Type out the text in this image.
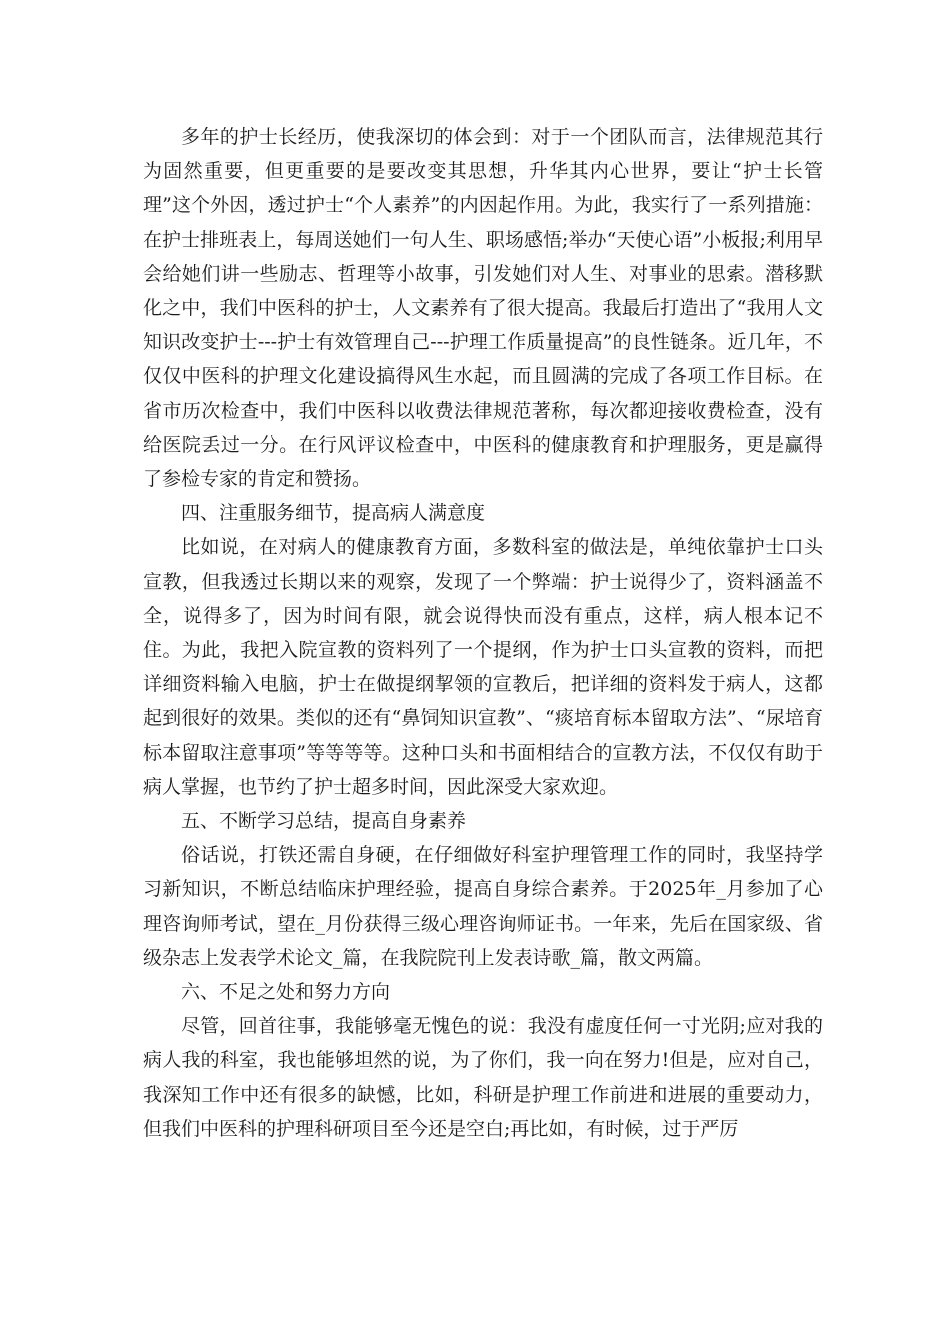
多年的护士长经历，使我深切的体会到：对于一个团队而言，法律规范其行为固然重要，但更重要的是要改变其思想，升华其内心世界，要让“护士长管理”这个外因，透过护士“个人素养”的内因起作用。为此，我实行了一系列措施：在护士排班表上，每周送她们一句人生、职场感悟;举办“天使心语”小板报;利用早会给她们讲一些励志、哲理等小故事，引发她们对人生、对事业的思索。潜移默化之中，我们中医科的护士，人文素养有了很大提高。我最后打造出了“我用人文知识改变护士---护士有效管理自己---护理工作质量提高”的良性链条。近几年，不仅仅中医科的护理文化建设搞得风生水起，而且圆满的完成了各项工作目标。在省市历次检查中，我们中医科以收费法律规范著称，每次都迎接收费检查，没有给医院丢过一分。在行风评议检查中，中医科的健康教育和护理服务，更是赢得了参检专家的肯定和赞扬。

四、注重服务细节，提高病人满意度

比如说，在对病人的健康教育方面，多数科室的做法是，单纯依靠护士口头宣教，但我透过长期以来的观察，发现了一个弊端：护士说得少了，资料涵盖不全，说得多了，因为时间有限，就会说得快而没有重点，这样，病人根本记不住。为此，我把入院宣教的资料列了一个提纲，作为护士口头宣教的资料，而把详细资料输入电脑，护士在做提纲挈领的宣教后，把详细的资料发于病人，这都起到很好的效果。类似的还有“鼻饲知识宣教”、“痰培育标本留取方法”、“尿培育标本留取注意事项”等等等等。这种口头和书面相结合的宣教方法，不仅仅有助于病人掌握，也节约了护士超多时间，因此深受大家欢迎。

五、不断学习总结，提高自身素养

俗话说，打铁还需自身硬，在仔细做好科室护理管理工作的同时，我坚持学习新知识，不断总结临床护理经验，提高自身综合素养。于2025年_月参加了心理咨询师考试，望在_月份获得三级心理咨询师证书。一年来，先后在国家级、省级杂志上发表学术论文_篇，在我院院刊上发表诗歌_篇，散文两篇。

六、不足之处和努力方向

尽管，回首往事，我能够毫无愧色的说：我没有虚度任何一寸光阴;应对我的病人我的科室，我也能够坦然的说，为了你们，我一向在努力!但是，应对自己，我深知工作中还有很多的缺憾，比如，科研是护理工作前进和进展的重要动力，但我们中医科的护理科研项目至今还是空白;再比如，有时候，过于严厉
